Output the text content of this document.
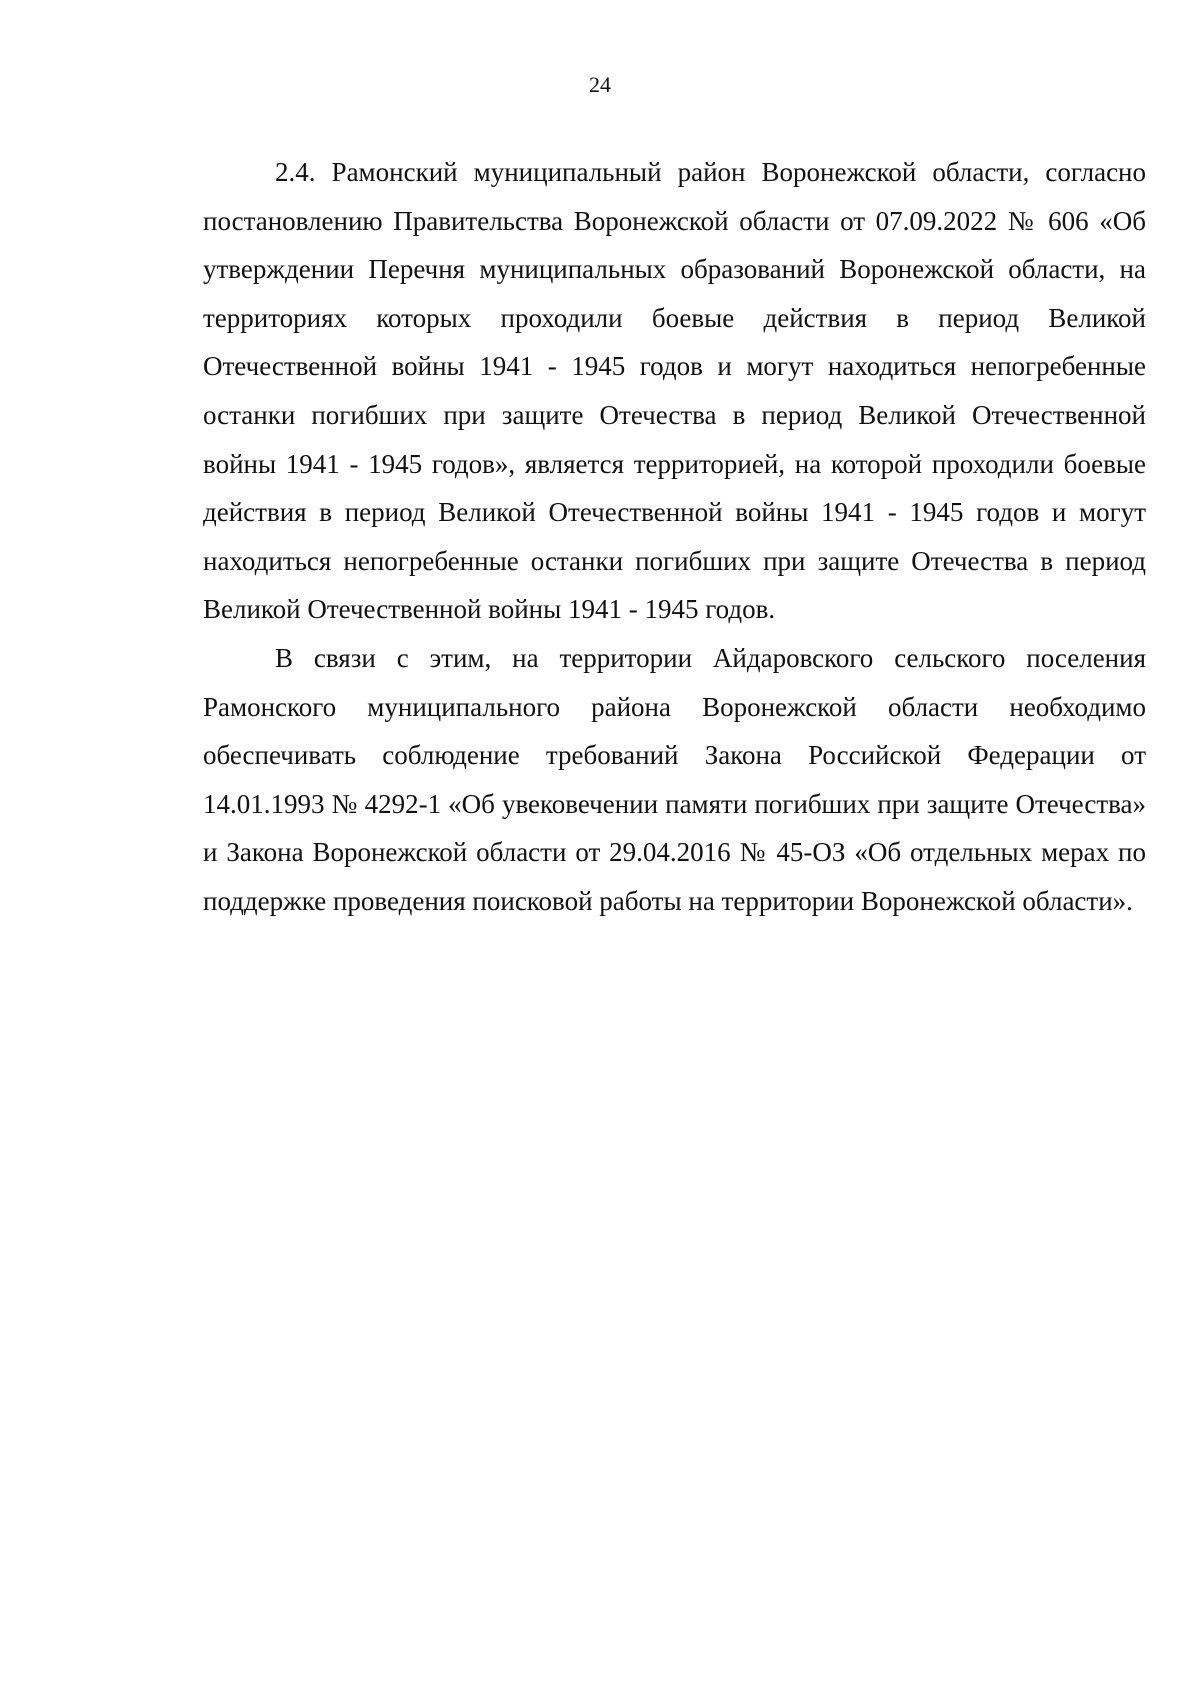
24

2.4. Рамонский муниципальный район Воронежской области, согласно постановлению Правительства Воронежской области от 07.09.2022 № 606 «Об утверждении Перечня муниципальных образований Воронежской области, на территориях которых проходили боевые действия в период Великой Отечественной войны 1941 - 1945 годов и могут находиться непогребенные останки погибших при защите Отечества в период Великой Отечественной войны 1941 - 1945 годов», является территорией, на которой проходили боевые действия в период Великой Отечественной войны 1941 - 1945 годов и могут находиться непогребенные останки погибших при защите Отечества в период Великой Отечественной войны 1941 - 1945 годов.

В связи с этим, на территории Айдаровского сельского поселения Рамонского муниципального района Воронежской области необходимо обеспечивать соблюдение требований Закона Российской Федерации от 14.01.1993 № 4292-1 «Об увековечении памяти погибших при защите Отечества» и Закона Воронежской области от 29.04.2016 № 45-ОЗ «Об отдельных мерах по поддержке проведения поисковой работы на территории Воронежской области».
